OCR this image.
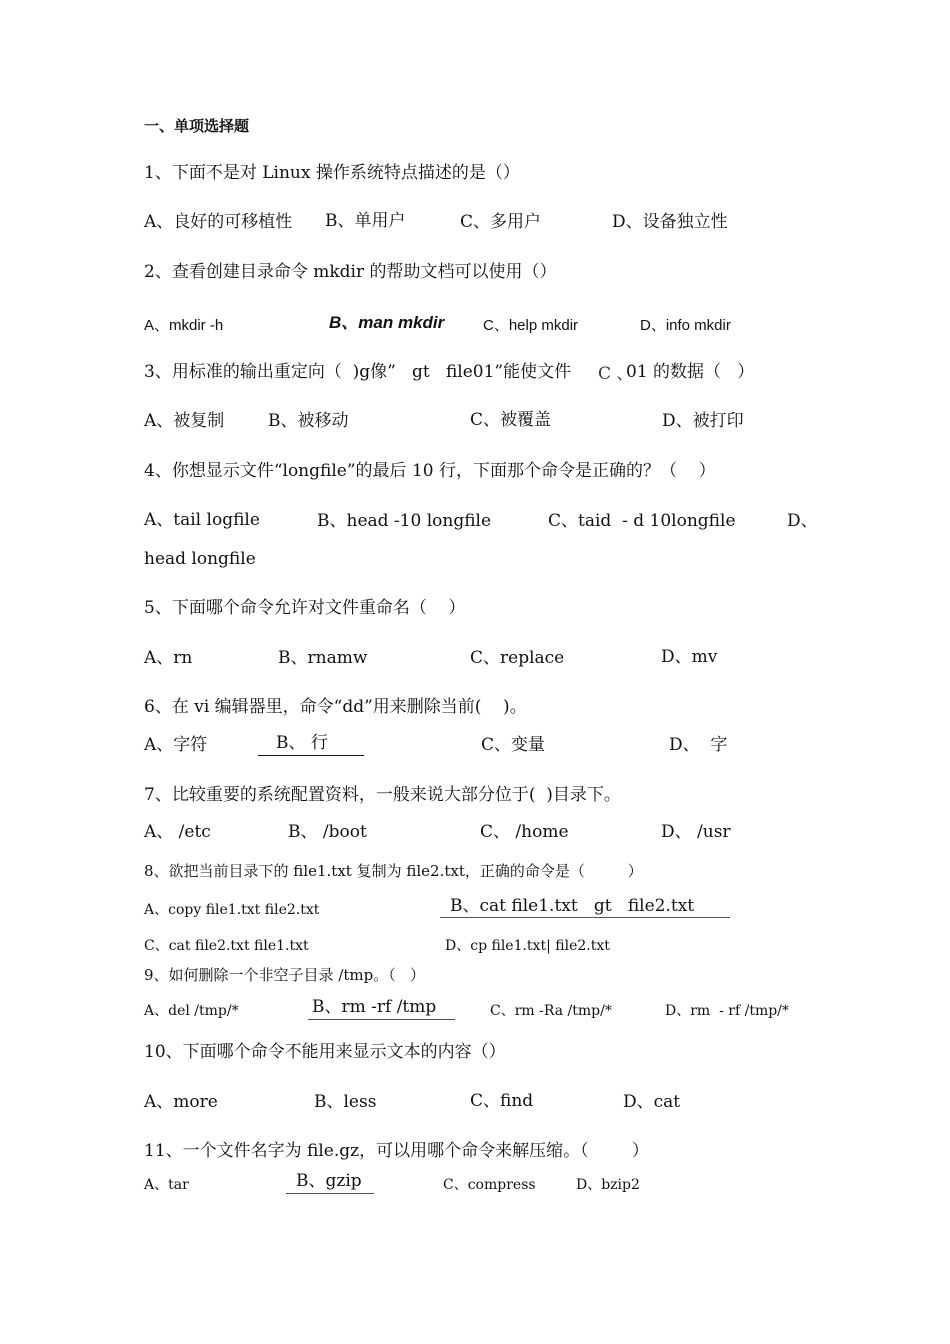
一、单项选择题
1、下面不是对 Linux 操作系统特点描述的是（）
A、良好的可移植性 B、单用户	C、多用户	D、设备独立性
2、查看创建目录命令 mkdir 的帮助文档可以使用（）
A、mkdir -h	B、man mkdir	C、help mkdir	D、info mkdir
3、用标准的输出重定向（  )g像”   gt   file01”能使文件	01 的数据（   ）
C 、
A、被复制	B、被移动	C、被覆盖	D、被打印
4、你想显示文件“longfile”的最后 10 行，下面那个命令是正确的？（    ）
A、tail logfile	B、head -10 longfile	C、taid  - d 10longfile	D、
head longfile
5、下面哪个命令允许对文件重命名（    ）
A、rn	B、rnamw	C、replace	D、mv
6、在 vi 编辑器里，命令“dd”用来删除当前(    )。
A、字符	B、 行	C、变量	D、  字
7、比较重要的系统配置资料，一般来说大部分位于(  )目录下。
A、 /etc	B、 /boot	C、 /home	D、 /usr
8、欲把当前目录下的 file1.txt 复制为 file2.txt，正确的命令是（         ）
A、copy file1.txt file2.txt	B、cat file1.txt   gt   file2.txt
C、cat file2.txt file1.txt	D、cp file1.txt| file2.txt
9、如何删除一个非空子目录 /tmp。（   ）
A、del /tmp/*	B、rm -rf /tmp	C、rm -Ra /tmp/*	D、rm  - rf /tmp/*
10、下面哪个命令不能用来显示文本的内容（）
A、more	B、less	C、find	D、cat
11、一个文件名字为 file.gz，可以用哪个命令来解压缩。（        ）
A、tar	B、gzip	C、compress	D、bzip2
